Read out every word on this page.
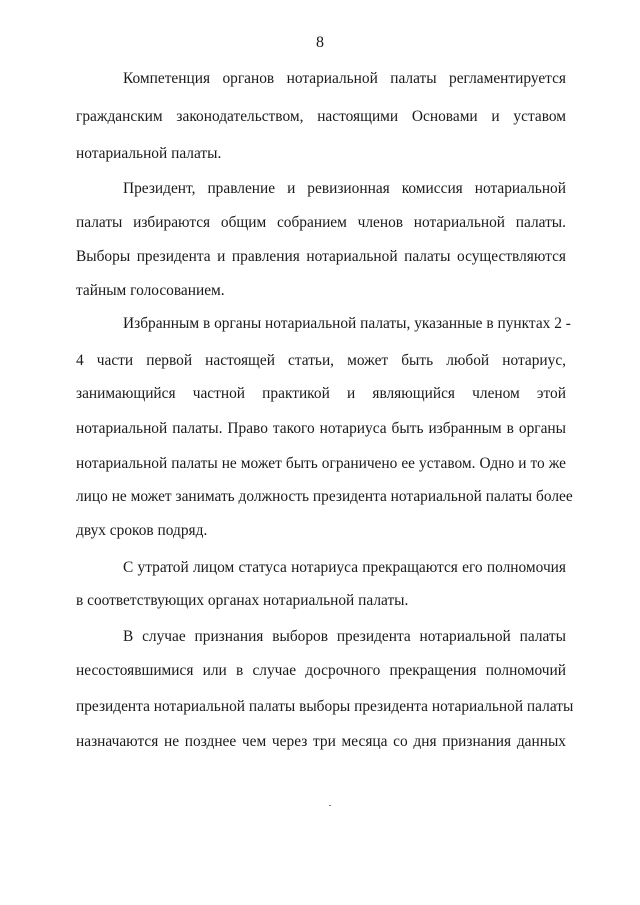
8
Компетенция органов нотариальной палаты регламентируется
гражданским законодательством, настоящими Основами и уставом
нотариальной палаты.
Президент, правление и ревизионная комиссия нотариальной
палаты избираются общим собранием членов нотариальной палаты.
Выборы президента и правления нотариальной палаты осуществляются
тайным голосованием.
Избранным в органы нотариальной палаты, указанные в пунктах 2 -
4 части первой настоящей статьи, может быть любой нотариус,
занимающийся частной практикой и являющийся членом этой
нотариальной палаты. Право такого нотариуса быть избранным в органы
нотариальной палаты не может быть ограничено ее уставом. Одно и то же
лицо не может занимать должность президента нотариальной палаты более
двух сроков подряд.
С утратой лицом статуса нотариуса прекращаются его полномочия
в соответствующих органах нотариальной палаты.
В случае признания выборов президента нотариальной палаты
несостоявшимися или в случае досрочного прекращения полномочий
президента нотариальной палаты выборы президента нотариальной палаты
назначаются не позднее чем через три месяца со дня признания данных
